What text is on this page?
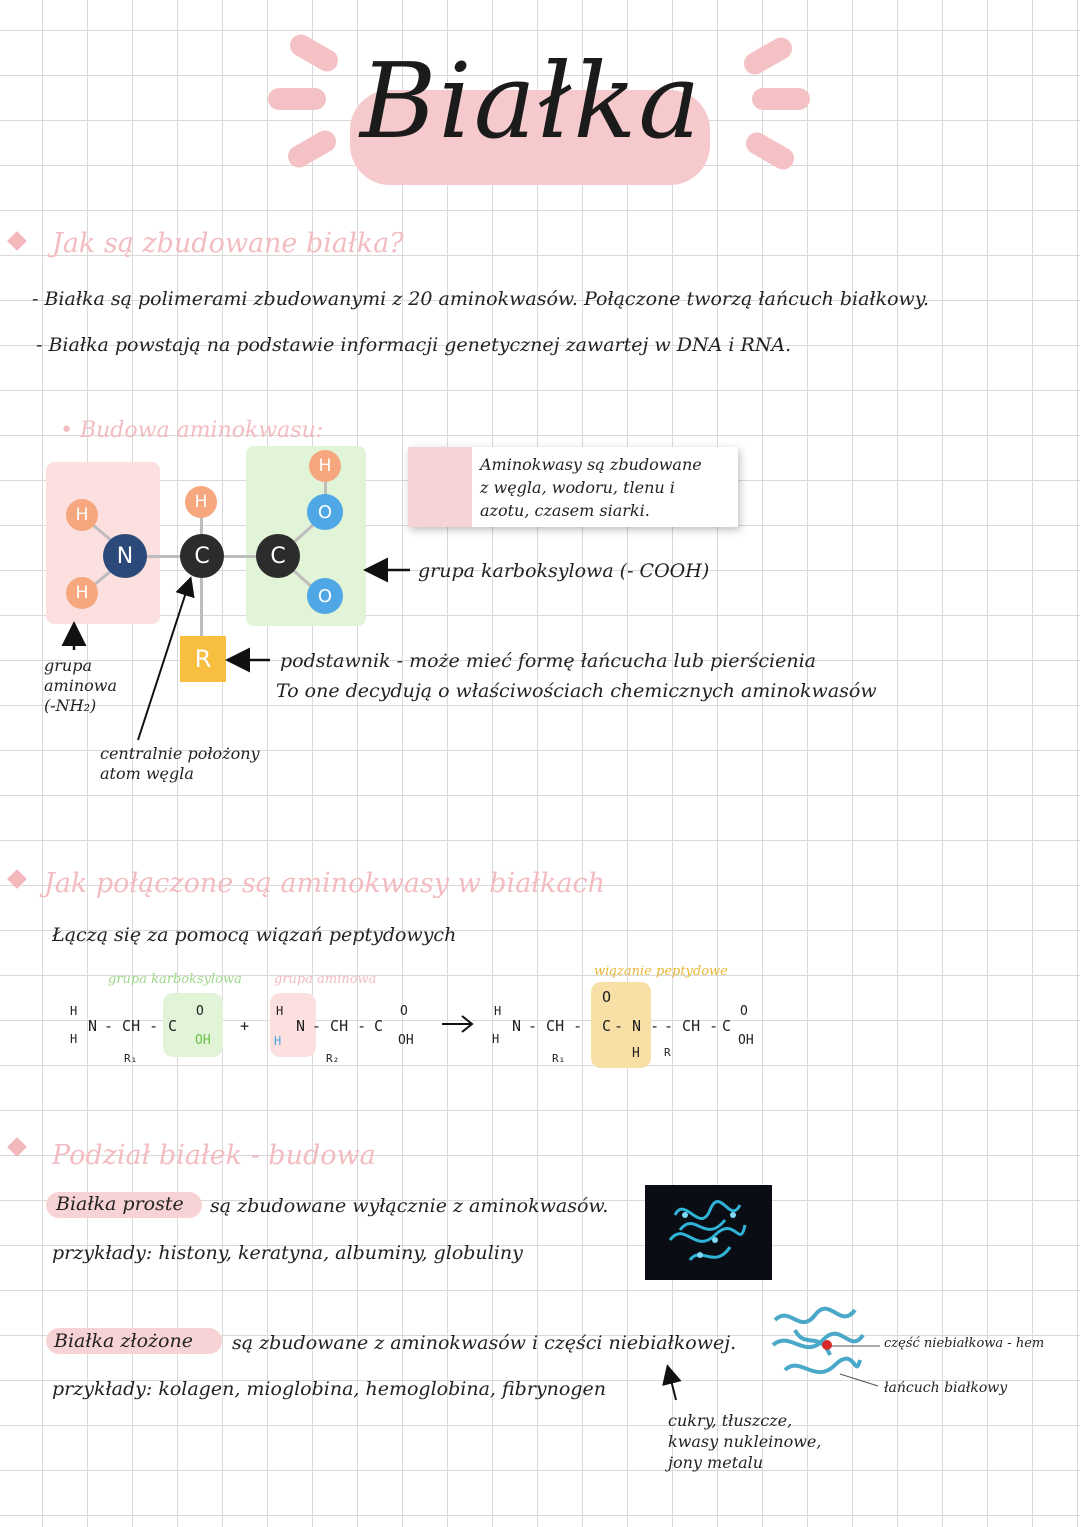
Białka
Jak są zbudowane białka?
- Białka są polimerami zbudowanymi z 20 aminokwasów. Połączone tworzą łańcuch białkowy.
- Białka powstają na podstawie informacji genetycznej zawartej w DNA i RNA.
• Budowa aminokwasu:
H
H
N
H
C	C
H
O
O
R
Aminokwasy są zbudowane
z węgla, wodoru, tlenu i
azotu, czasem siarki.
grupa karboksylowa (- COOH)
grupa
aminowa
(-NH₂)
podstawnik - może mieć formę łańcucha lub pierścienia
To one decydują o właściwościach chemicznych aminokwasów
centralnie położony
atom węgla
Jak połączone są aminokwasy w białkach
Łączą się za pomocą wiązań peptydowych
grupa karboksylowa grupa aminowa
wiązanie peptydowe
H
H
N - CH - C
O
OH
R₁
+
H
H
N - CH - C
O
OH
R₂
H
H
N - CH -
O
C - N -
H
- CH - C
O
OH
R₁	R
Podział białek - budowa
Białka proste są zbudowane wyłącznie z aminokwasów.
przykłady: histony, keratyna, albuminy, globuliny
Białka złożone są zbudowane z aminokwasów i części niebiałkowej.
przykłady: kolagen, mioglobina, hemoglobina, fibrynogen
część niebiałkowa - hem
łańcuch białkowy
cukry, tłuszcze,
kwasy nukleinowe,
jony metalu
